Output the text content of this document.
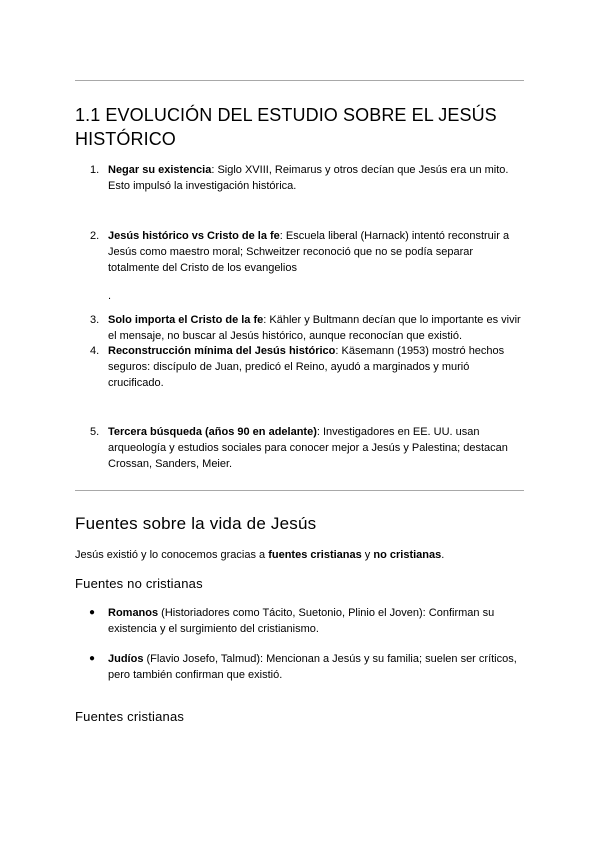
1.1 EVOLUCIÓN DEL ESTUDIO SOBRE EL JESÚS HISTÓRICO
1. Negar su existencia: Siglo XVIII, Reimarus y otros decían que Jesús era un mito. Esto impulsó la investigación histórica.
2. Jesús histórico vs Cristo de la fe: Escuela liberal (Harnack) intentó reconstruir a Jesús como maestro moral; Schweitzer reconoció que no se podía separar totalmente del Cristo de los evangelios
.
3. Solo importa el Cristo de la fe: Kähler y Bultmann decían que lo importante es vivir el mensaje, no buscar al Jesús histórico, aunque reconocían que existió.
4. Reconstrucción mínima del Jesús histórico: Käsemann (1953) mostró hechos seguros: discípulo de Juan, predicó el Reino, ayudó a marginados y murió crucificado.
5. Tercera búsqueda (años 90 en adelante): Investigadores en EE. UU. usan arqueología y estudios sociales para conocer mejor a Jesús y Palestina; destacan Crossan, Sanders, Meier.
Fuentes sobre la vida de Jesús
Jesús existió y lo conocemos gracias a fuentes cristianas y no cristianas.
Fuentes no cristianas
● Romanos (Historiadores como Tácito, Suetonio, Plinio el Joven): Confirman su existencia y el surgimiento del cristianismo.
● Judíos (Flavio Josefo, Talmud): Mencionan a Jesús y su familia; suelen ser críticos, pero también confirman que existió.
Fuentes cristianas
